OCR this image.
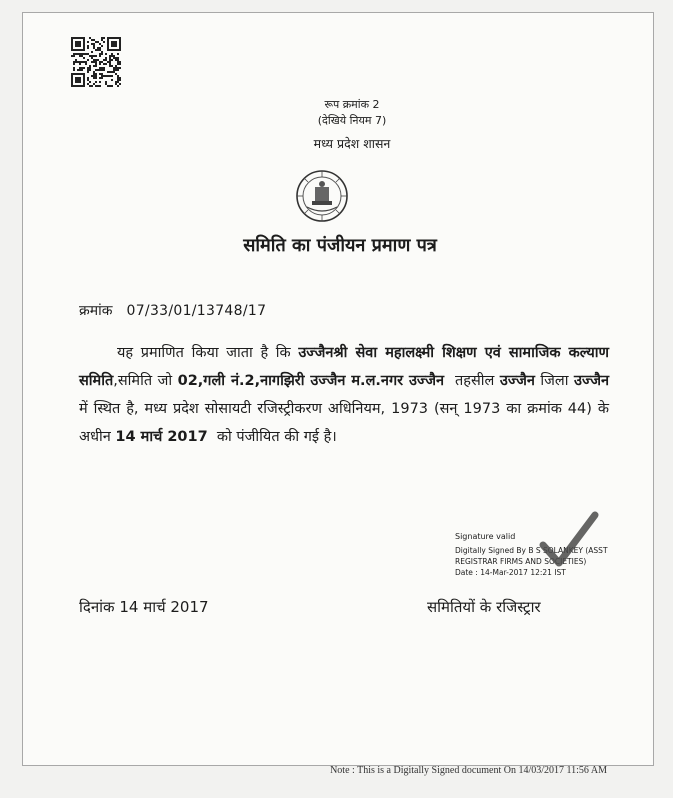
रूप क्रमांक 2
(देखिये नियम 7)
मध्य प्रदेश शासन
समिति का पंजीयन प्रमाण पत्र
क्रमांक 07/33/01/13748/17
यह प्रमाणित किया जाता है कि उज्जैनश्री सेवा महालक्ष्मी शिक्षण एवं सामाजिक कल्याण समिति,समिति जो 02,गली नं.2,नागझिरी उज्जैन म.ल.नगर उज्जैन तहसील उज्जैन जिला उज्जैन में स्थित है, मध्य प्रदेश सोसायटी रजिस्ट्रीकरण अधिनियम, 1973 (सन् 1973 का क्रमांक 44) के अधीन 14 मार्च 2017 को पंजीयित की गई है।
Signature valid
Digitally Signed By B S SOLANKEY (ASST
REGISTRAR FIRMS AND SOCIETIES)
Date : 14-Mar-2017 12:21 IST
दिनांक 14 मार्च 2017	समितियों के रजिस्ट्रार
Note : This is a Digitally Signed document On 14/03/2017 11:56 AM
